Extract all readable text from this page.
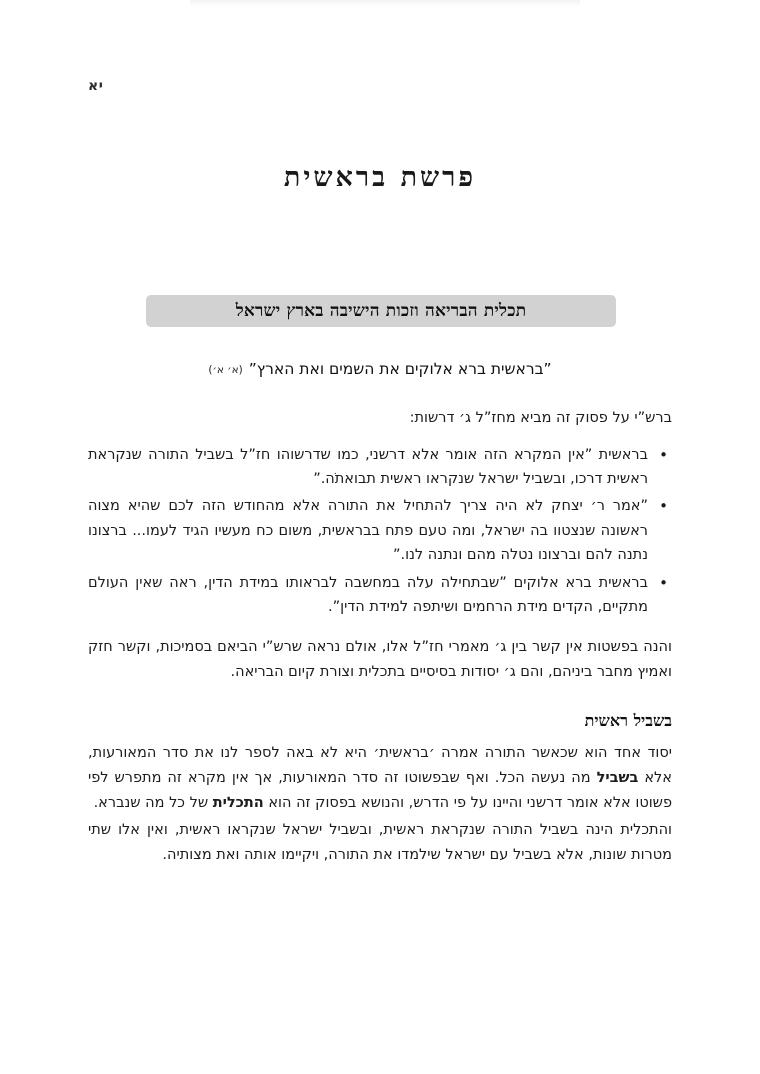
יא
פרשת בראשית
תכלית הבריאה וזכות הישיבה בארץ ישראל
”בראשית ברא אלוקים את השמים ואת הארץ”(א׳ א׳)
ברש”י על פסוק זה מביא מחז”ל ג׳ דרשות:
• בראשית ”אין המקרא הזה אומר אלא דרשני, כמו שדרשוהו חז”ל בשביל התורה שנקראת ראשית דרכו, ובשביל ישראל שנקראו ראשית תבואתֹה.”
• ”אמר ר׳ יצחק לא היה צריך להתחיל את התורה אלא מהחודש הזה לכם שהיא מצוה ראשונה שנצטוו בה ישראל, ומה טעם פתח בבראשית, משום כח מעשיו הגיד לעמו... ברצונו נתנה להם וברצונו נטלה מהם ונתנה לנו.”
• בראשית ברא אלוקים ”שבתחילה עלה במחשבה לבראותו במידת הדין, ראה שאין העולם מתקיים, הקדים מידת הרחמים ושיתפה למידת הדין”.

והנה בפשטות אין קשר בין ג׳ מאמרי חז”ל אלו, אולם נראה שרש”י הביאם בסמיכות, וקשר חזק ואמיץ מחבר ביניהם, והם ג׳ יסודות בסיסיים בתכלית וצורת קיום הבריאה.

בשביל ראשית

יסוד אחד הוא שכאשר התורה אמרה ׳בראשית׳ היא לא באה לספר לנו את סדר המאורעות, אלא בשביל מה נעשה הכל. ואף שבפשוטו זה סדר המאורעות, אך אין מקרא זה מתפרש לפי פשוטו אלא אומר דרשני והיינו על פי הדרש, והנושא בפסוק זה הוא התכלית של כל מה שנברא.

והתכלית הינה בשביל התורה שנקראת ראשית, ובשביל ישראל שנקראו ראשית, ואין אלו שתי מטרות שונות, אלא בשביל עם ישראל שילמדו את התורה, ויקיימו אותה ואת מצותיה.
